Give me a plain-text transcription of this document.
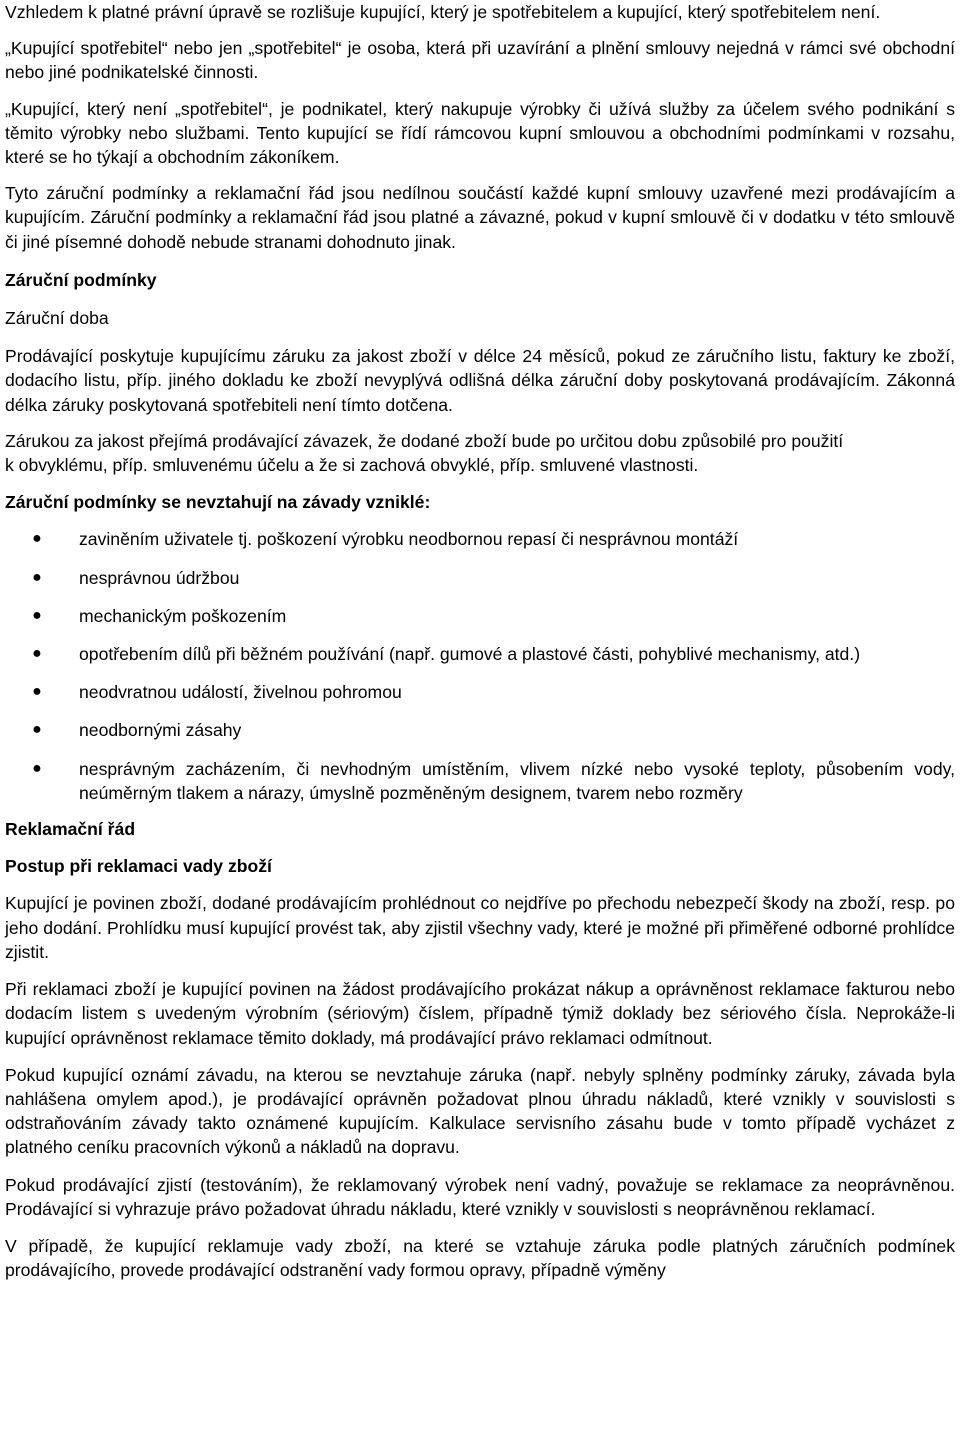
Vzhledem k platné právní úpravě se rozlišuje kupující, který je spotřebitelem a kupující, který spotřebitelem není.

„Kupující spotřebitel“ nebo jen „spotřebitel“ je osoba, která při uzavírání a plnění smlouvy nejedná v rámci své obchodní nebo jiné podnikatelské činnosti.

„Kupující, který není „spotřebitel“, je podnikatel, který nakupuje výrobky či užívá služby za účelem svého podnikání s těmito výrobky nebo službami. Tento kupující se řídí rámcovou kupní smlouvou a obchodními podmínkami v rozsahu, které se ho týkají a obchodním zákoníkem.

Tyto záruční podmínky a reklamační řád jsou nedílnou součástí každé kupní smlouvy uzavřené mezi prodávajícím a kupujícím. Záruční podmínky a reklamační řád jsou platné a závazné, pokud v kupní smlouvě či v dodatku v této smlouvě či jiné písemné dohodě nebude stranami dohodnuto jinak.

Záruční podmínky

Záruční doba

Prodávající poskytuje kupujícímu záruku za jakost zboží v délce 24 měsíců, pokud ze záručního listu, faktury ke zboží, dodacího listu, příp. jiného dokladu ke zboží nevyplývá odlišná délka záruční doby poskytovaná prodávajícím. Zákonná délka záruky poskytovaná spotřebiteli není tímto dotčena.

Zárukou za jakost přejímá prodávající závazek, že dodané zboží bude po určitou dobu způsobilé pro použití

k obvyklému, příp. smluvenému účelu a že si zachová obvyklé, příp. smluvené vlastnosti.

Záruční podmínky se nevztahují na závady vzniklé:

● zaviněním uživatele tj. poškození výrobku neodbornou repasí či nesprávnou montáží
● nesprávnou údržbou
● mechanickým poškozením
● opotřebením dílů při běžném používání (např. gumové a plastové části, pohyblivé mechanismy, atd.)
● neodvratnou událostí, živelnou pohromou
● neodbornými zásahy
● nesprávným zacházením, či nevhodným umístěním, vlivem nízké nebo vysoké teploty, působením vody, neúměrným tlakem a nárazy, úmyslně pozměněným designem, tvarem nebo rozměry

Reklamační řád

Postup při reklamaci vady zboží

Kupující je povinen zboží, dodané prodávajícím prohlédnout co nejdříve po přechodu nebezpečí škody na zboží, resp. po jeho dodání. Prohlídku musí kupující provést tak, aby zjistil všechny vady, které je možné při přiměřené odborné prohlídce zjistit.

Při reklamaci zboží je kupující povinen na žádost prodávajícího prokázat nákup a oprávněnost reklamace fakturou nebo dodacím listem s uvedeným výrobním (sériovým) číslem, případně týmiž doklady bez sériového čísla. Neprokáže-li kupující oprávněnost reklamace těmito doklady, má prodávající právo reklamaci odmítnout.

Pokud kupující oznámí závadu, na kterou se nevztahuje záruka (např. nebyly splněny podmínky záruky, závada byla nahlášena omylem apod.), je prodávající oprávněn požadovat plnou úhradu nákladů, které vznikly v souvislosti s odstraňováním závady takto oznámené kupujícím. Kalkulace servisního zásahu bude v tomto případě vycházet z platného ceníku pracovních výkonů a nákladů na dopravu.

Pokud prodávající zjistí (testováním), že reklamovaný výrobek není vadný, považuje se reklamace za neoprávněnou. Prodávající si vyhrazuje právo požadovat úhradu nákladu, které vznikly v souvislosti s neoprávněnou reklamací.

V případě, že kupující reklamuje vady zboží, na které se vztahuje záruka podle platných záručních podmínek prodávajícího, provede prodávající odstranění vady formou opravy, případně výměny
